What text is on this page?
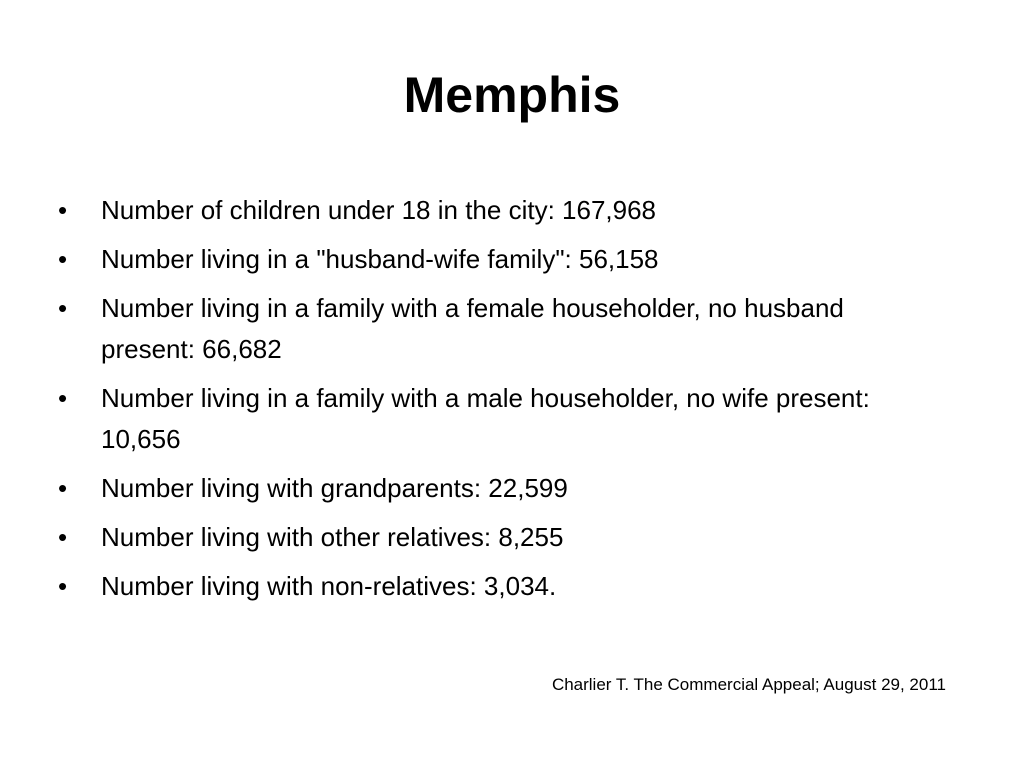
Memphis
•	Number of children under 18 in the city: 167,968
•	Number living in a "husband-wife family": 56,158
•	Number living in a family with a female householder, no husband present: 66,682
•	Number living in a family with a male householder, no wife present: 10,656
•	Number living with grandparents: 22,599
•	Number living with other relatives: 8,255
•	Number living with non-relatives: 3,034.
Charlier T. The Commercial Appeal; August 29, 2011
